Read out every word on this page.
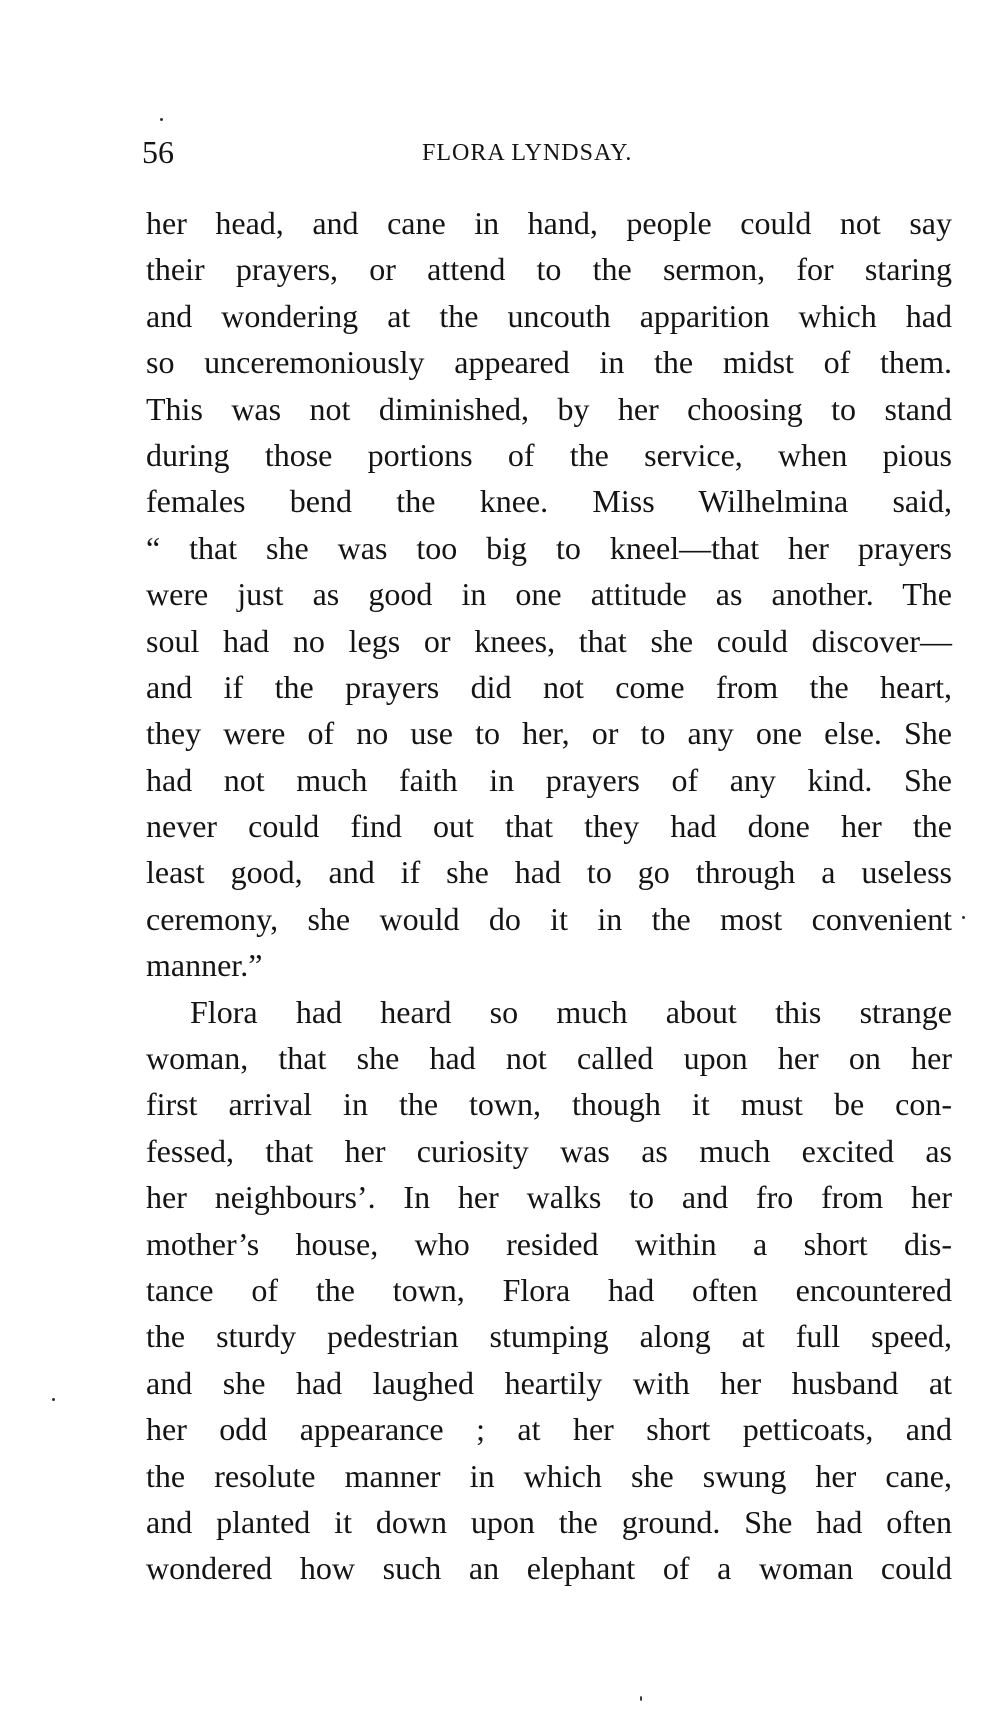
56	FLORA LYNDSAY.
her head, and cane in hand, people could not say
their prayers, or attend to the sermon, for staring
and wondering at the uncouth apparition which had
so unceremoniously appeared in the midst of them.
This was not diminished, by her choosing to stand
during those portions of the service, when pious
females bend the knee. Miss Wilhelmina said,
“ that she was too big to kneel—that her prayers
were just as good in one attitude as another. The
soul had no legs or knees, that she could discover—
and if the prayers did not come from the heart,
they were of no use to her, or to any one else. She
had not much faith in prayers of any kind. She
never could find out that they had done her the
least good, and if she had to go through a useless
ceremony, she would do it in the most convenient
manner.”
Flora had heard so much about this strange
woman, that she had not called upon her on her
first arrival in the town, though it must be con-
fessed, that her curiosity was as much excited as
her neighbours’. In her walks to and fro from her
mother’s house, who resided within a short dis-
tance of the town, Flora had often encountered
the sturdy pedestrian stumping along at full speed,
and she had laughed heartily with her husband at
her odd appearance ; at her short petticoats, and
the resolute manner in which she swung her cane,
and planted it down upon the ground. She had often
wondered how such an elephant of a woman could
